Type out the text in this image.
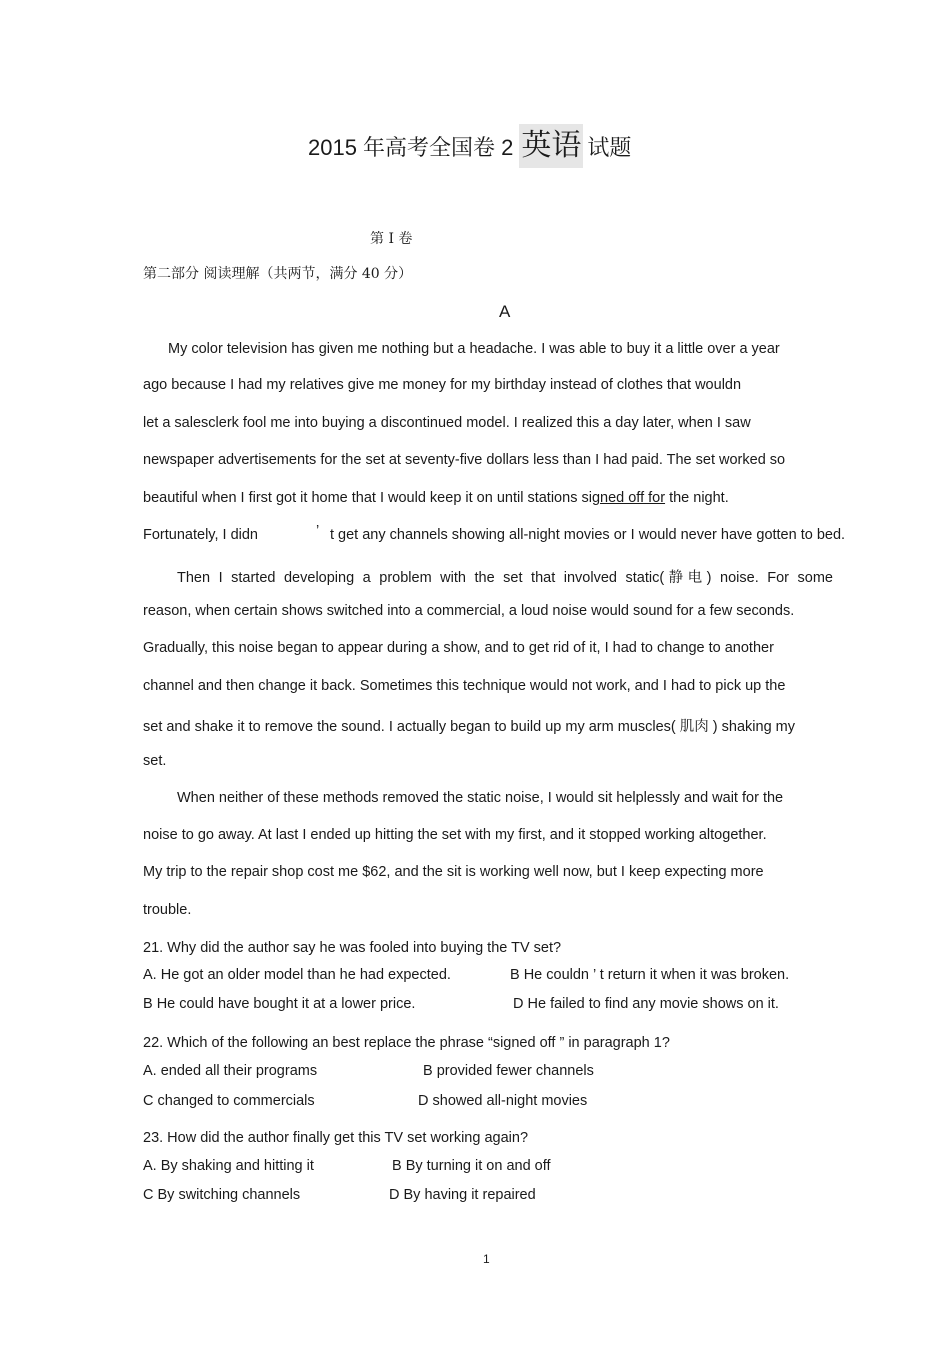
2015 年高考全国卷 2 英语 试题
第 I 卷
第二部分 阅读理解（共两节，满分 40 分）
A
My color television has given me nothing but a headache. I was able to buy it a little over a year
ago because I had my relatives give me money for my birthday instead of clothes that wouldn
let a salesclerk fool me into buying a discontinued model. I realized this a day later, when I saw
newspaper advertisements for the set at seventy-five dollars less than I had paid. The set worked so
beautiful when I first got it home that I would keep it on until stations signed off for the night.
Fortunately, I didn	’ t get any channels showing all-night movies or I would never have gotten to bed.
Then I started developing a problem with the set that involved static(静电) noise. For some
reason, when certain shows switched into a commercial, a loud noise would sound for a few seconds.
Gradually, this noise began to appear during a show, and to get rid of it, I had to change to another
channel and then change it back. Sometimes this technique would not work, and I had to pick up the
set and shake it to remove the sound. I actually began to build up my arm muscles( 肌肉 ) shaking my
set.
When neither of these methods removed the static noise, I would sit helplessly and wait for the
noise to go away. At last I ended up hitting the set with my first, and it stopped working altogether.
My trip to the repair shop cost me $62, and the sit is working well now, but I keep expecting more
trouble.
21. Why did the author say he was fooled into buying the TV set?
A. He got an older model than he had expected.	B He couldn ’ t return it when it was broken.
B He could have bought it at a lower price.	D He failed to find any movie shows on it.
22. Which of the following an best replace the phrase “signed off ” in paragraph 1?
A. ended all their programs	B provided fewer channels
C changed to commercials	D showed all-night movies
23. How did the author finally get this TV set working again?
A. By shaking and hitting it	B By turning it on and off
C By switching channels	D By having it repaired
1
